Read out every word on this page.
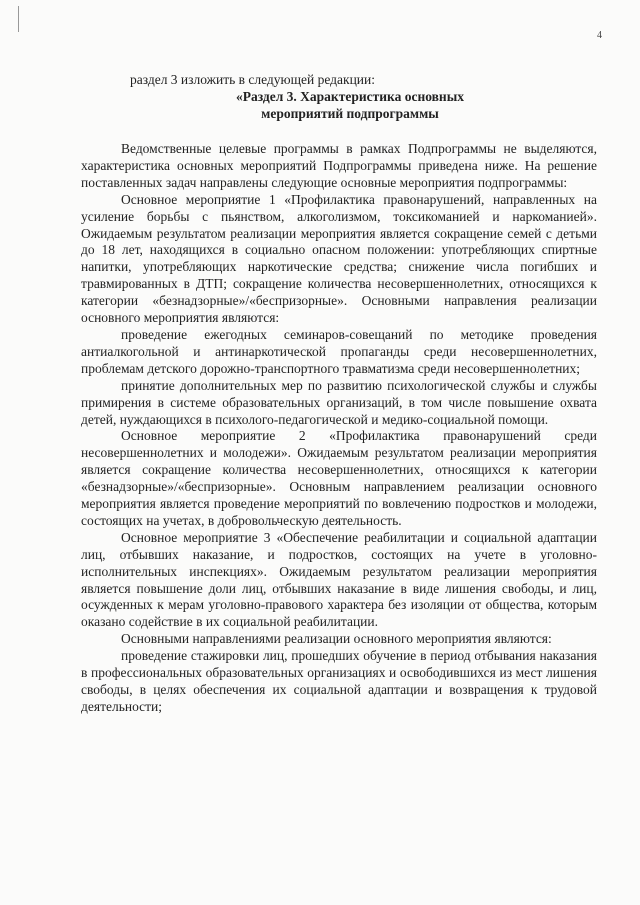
4
раздел 3 изложить в следующей редакции:
«Раздел 3. Характеристика основных
мероприятий подпрограммы

Ведомственные целевые программы в рамках Подпрограммы не выделяются, характеристика основных мероприятий Подпрограммы приведена ниже. На решение поставленных задач направлены следующие основные мероприятия подпрограммы:

Основное мероприятие 1 «Профилактика правонарушений, направленных на усиление борьбы с пьянством, алкоголизмом, токсикоманией и наркоманией». Ожидаемым результатом реализации мероприятия является сокращение семей с детьми до 18 лет, находящихся в социально опасном положении: употребляющих спиртные напитки, употребляющих наркотические средства; снижение числа погибших и травмированных в ДТП; сокращение количества несовершеннолетних, относящихся к категории «безнадзорные»/«беспризорные». Основными направления реализации основного мероприятия являются:

проведение ежегодных семинаров-совещаний по методике проведения антиалкогольной и антинаркотической пропаганды среди несовершеннолетних, проблемам детского дорожно-транспортного травматизма среди несовершеннолетних;

принятие дополнительных мер по развитию психологической службы и службы примирения в системе образовательных организаций, в том числе повышение охвата детей, нуждающихся в психолого-педагогической и медико-социальной помощи.

Основное мероприятие 2 «Профилактика правонарушений среди несовершеннолетних и молодежи». Ожидаемым результатом реализации мероприятия является сокращение количества несовершеннолетних, относящихся к категории «безнадзорные»/«беспризорные». Основным направлением реализации основного мероприятия является проведение мероприятий по вовлечению подростков и молодежи, состоящих на учетах, в добровольческую деятельность.

Основное мероприятие 3 «Обеспечение реабилитации и социальной адаптации лиц, отбывших наказание, и подростков, состоящих на учете в уголовно-исполнительных инспекциях». Ожидаемым результатом реализации мероприятия является повышение доли лиц, отбывших наказание в виде лишения свободы, и лиц, осужденных к мерам уголовно-правового характера без изоляции от общества, которым оказано содействие в их социальной реабилитации.

Основными направлениями реализации основного мероприятия являются:

проведение стажировки лиц, прошедших обучение в период отбывания наказания в профессиональных образовательных организациях и освободившихся из мест лишения свободы, в целях обеспечения их социальной адаптации и возвращения к трудовой деятельности;
